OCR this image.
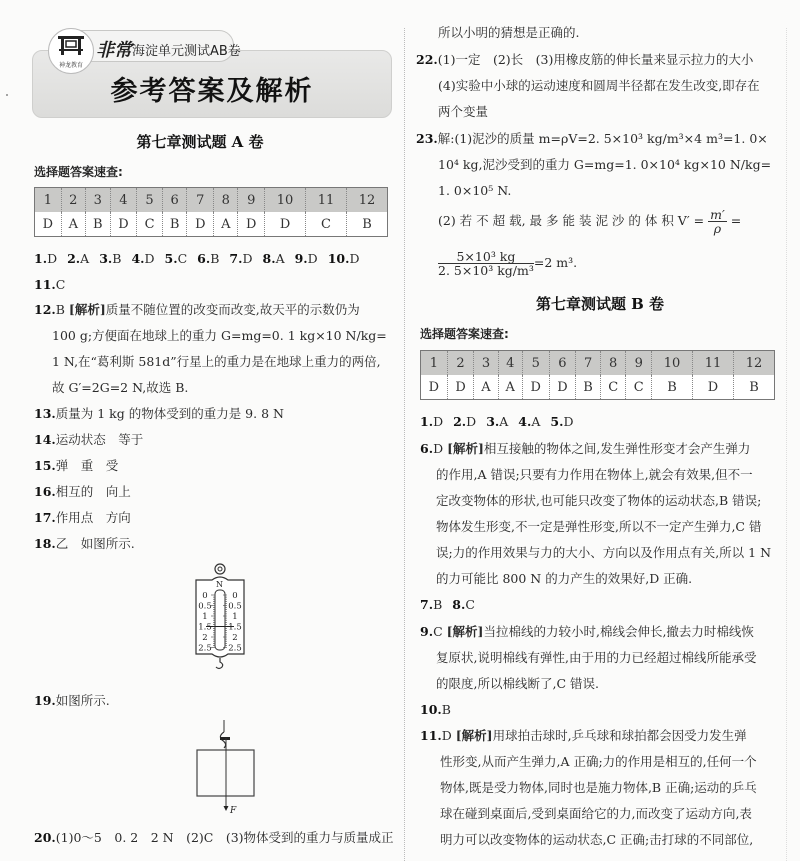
参考答案及解析
神龙教育
非常 海淀单元测试AB卷
第七章测试题 A 卷
选择题答案速查:
1	2	3	4	5	6	7	8	9	10	11	12
D	A	B	D	C	B	D	A	D	D	C	B
1.D 2.A 3.B 4.D 5.C 6.B 7.D 8.A 9.D 10.D
11.C
12.B [解析]质量不随位置的改变而改变,故天平的示数仍为
100 g;方便面在地球上的重力 G=mg=0. 1 kg×10 N/kg=
1 N,在“葛利斯 581d”行星上的重力是在地球上重力的两倍,
故 G′=2G=2 N,故选 B.
13.质量为 1 kg 的物体受到的重力是 9. 8 N
14.运动状态　等于
15.弹　重　受
16.相互的　向上
17.作用点　方向
18.乙　如图所示.
N
0	0
0.5 0.5
1	1
1.5 1.5
2	2
2.5 2.5
19.如图所示.
F
20.(1)0～5　0. 2　2 N　(2)C　(3)物体受到的重力与质量成正
所以小明的猜想是正确的.
22.(1)一定　(2)长　(3)用橡皮筋的伸长量来显示拉力的大小
(4)实验中小球的运动速度和圆周半径都在发生改变,即存在
两个变量
23.解:(1)泥沙的质量 m=ρV=2. 5×10³ kg/m³×4 m³=1. 0×
10⁴ kg,泥沙受到的重力 G=mg=1. 0×10⁴ kg×10 N/kg=
1. 0×10⁵ N.
(2) 若 不 超 载, 最 多 能 装 泥 沙 的 体 积 $V' = \frac{m'}{\rho}$ =
$\frac{\text{5×10³ kg}}{\text{2. 5×10³ kg/m³}} =2$ m³.
第七章测试题 B 卷
选择题答案速查:
1	2	3	4	5	6	7	8	9	10	11	12
D	D	A	A	D	D	B	C	C	B	D	B
1.D 2.D 3.A 4.A 5.D
6.D [解析]相互接触的物体之间,发生弹性形变才会产生弹力
的作用,A 错误;只要有力作用在物体上,就会有效果,但不一
定改变物体的形状,也可能只改变了物体的运动状态,B 错误;
物体发生形变,不一定是弹性形变,所以不一定产生弹力,C 错
误;力的作用效果与力的大小、方向以及作用点有关,所以 1 N
的力可能比 800 N 的力产生的效果好,D 正确.
7.B 8.C
9.C [解析]当拉棉线的力较小时,棉线会伸长,撤去力时棉线恢
复原状,说明棉线有弹性,由于用的力已经超过棉线所能承受
的限度,所以棉线断了,C 错误.
10.B
11.D [解析]用球拍击球时,乒乓球和球拍都会因受力发生弹
性形变,从而产生弹力,A 正确;力的作用是相互的,任何一个
物体,既是受力物体,同时也是施力物体,B 正确;运动的乒乓
球在碰到桌面后,受到桌面给它的力,而改变了运动方向,表
明力可以改变物体的运动状态,C 正确;击打球的不同部位,
